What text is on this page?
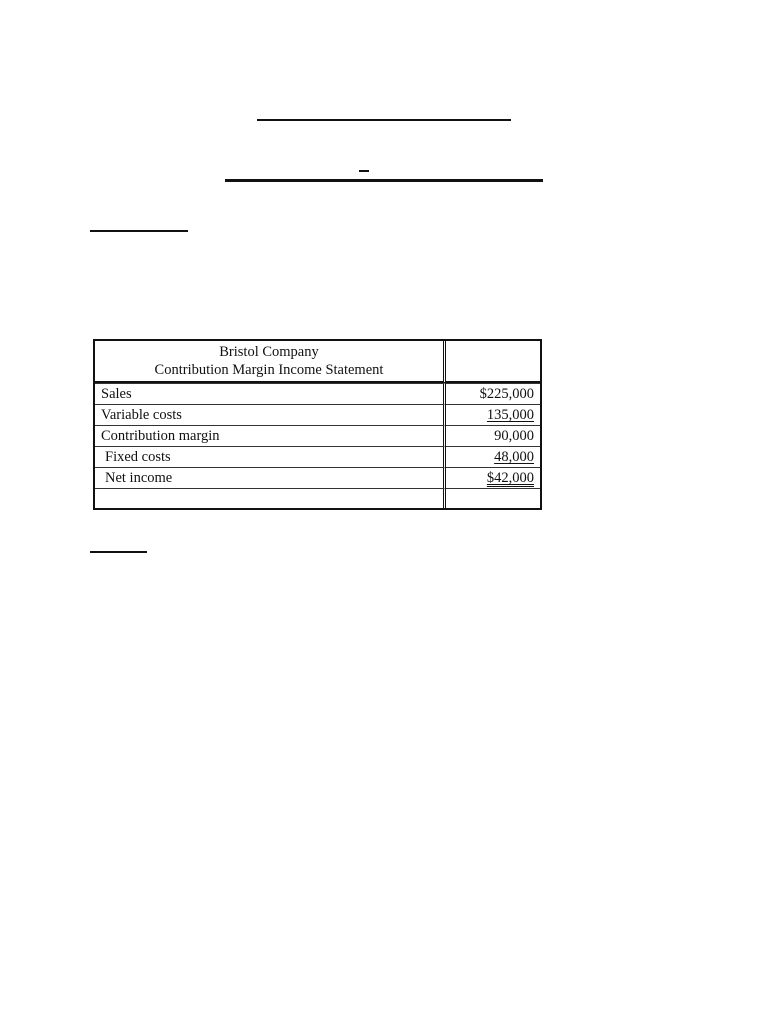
Bristol Company
Contribution Margin Income Statement	

Sales	$225,000
Variable costs	135,000
Contribution margin	90,000
Fixed costs	48,000
Net income	$42,000
